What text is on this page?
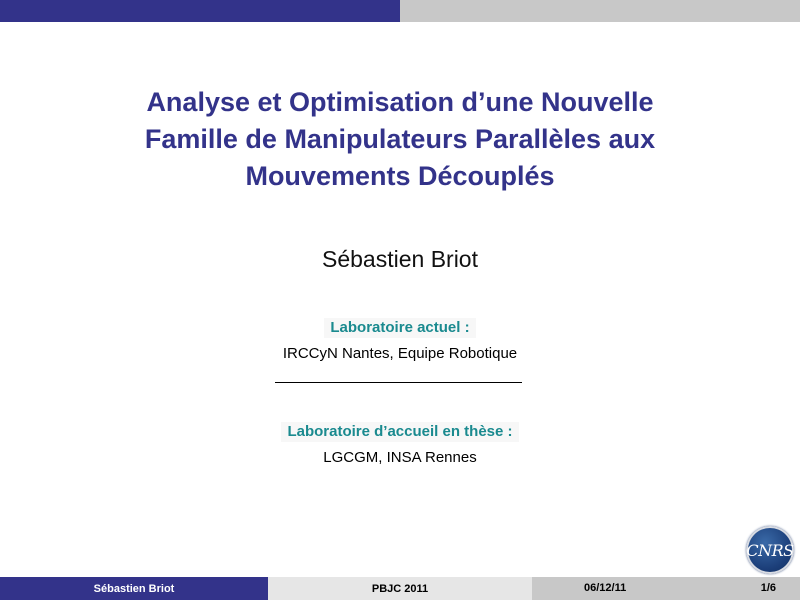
Analyse et Optimisation d’une Nouvelle
Famille de Manipulateurs Parallèles aux
Mouvements Découplés
Sébastien Briot
Laboratoire actuel :
IRCCyN Nantes, Equipe Robotique
Laboratoire d’accueil en thèse :
LGCGM, INSA Rennes
CNRS
Sébastien Briot	PBJC 2011	06/12/11	1/6
